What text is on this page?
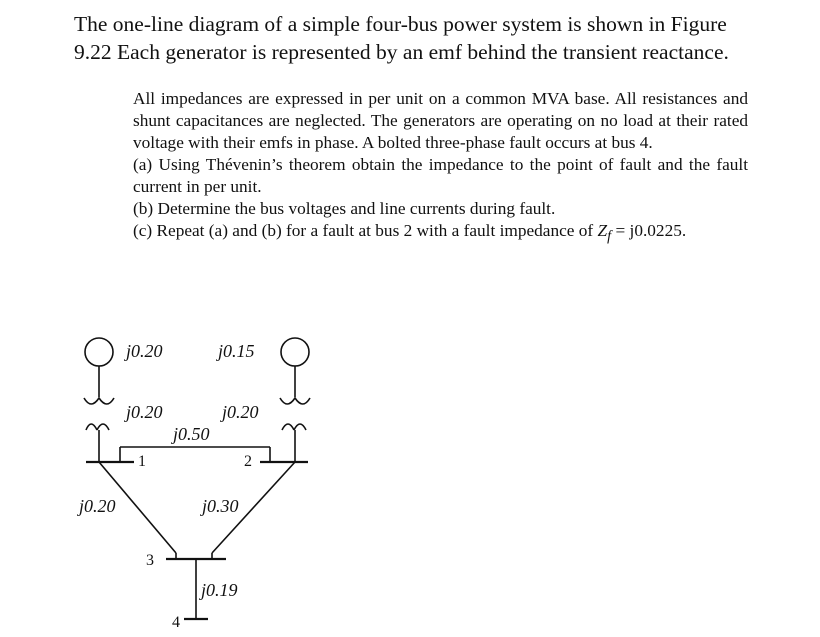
The one-line diagram of a simple four-bus power system is shown in Figure 9.22 Each generator is represented by an emf behind the transient reactance.

All impedances are expressed in per unit on a common MVA base. All resistances and shunt capacitances are neglected. The generators are operating on no load at their rated voltage with their emfs in phase. A bolted three-phase fault occurs at bus 4.

(a) Using Thévenin’s theorem obtain the impedance to the point of fault and the fault current in per unit.

(b) Determine the bus voltages and line currents during fault.

(c) Repeat (a) and (b) for a fault at bus 2 with a fault impedance of $Z_f = j0.0225$.

j0.20	j0.15
j0.20	j0.20
j0.50
j0.20	j0.30
j0.19
1	2
3
4
